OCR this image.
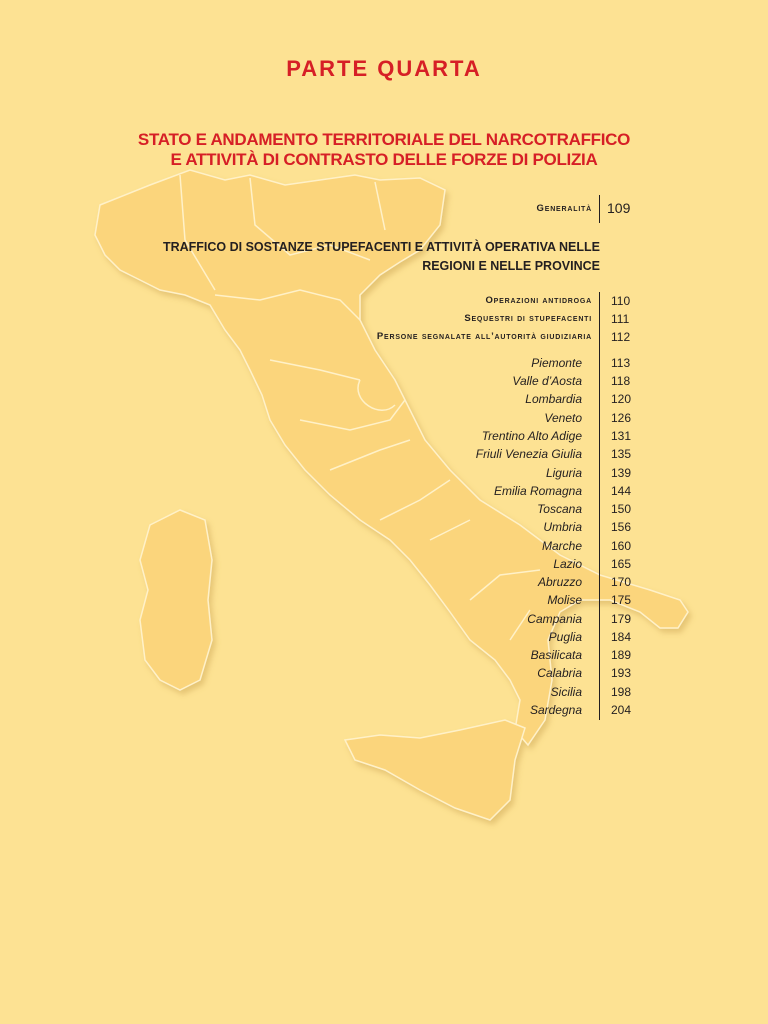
PARTE QUARTA
STATO E ANDAMENTO TERRITORIALE DEL NARCOTRAFFICO
E ATTIVITÀ DI CONTRASTO DELLE FORZE DI POLIZIA
Generalità 109
TRAFFICO DI SOSTANZE STUPEFACENTI E ATTIVITÀ OPERATIVA NELLE
REGIONI E NELLE PROVINCE
Operazioni antidroga 110
Sequestri di stupefacenti 111
Persone segnalate all’autorità giudiziaria 112
Piemonte 113
Valle d’Aosta 118
Lombardia 120
Veneto 126
Trentino Alto Adige 131
Friuli Venezia Giulia 135
Liguria 139
Emilia Romagna 144
Toscana 150
Umbria 156
Marche 160
Lazio 165
Abruzzo 170
Molise 175
Campania 179
Puglia 184
Basilicata 189
Calabria 193
Sicilia 198
Sardegna 204
